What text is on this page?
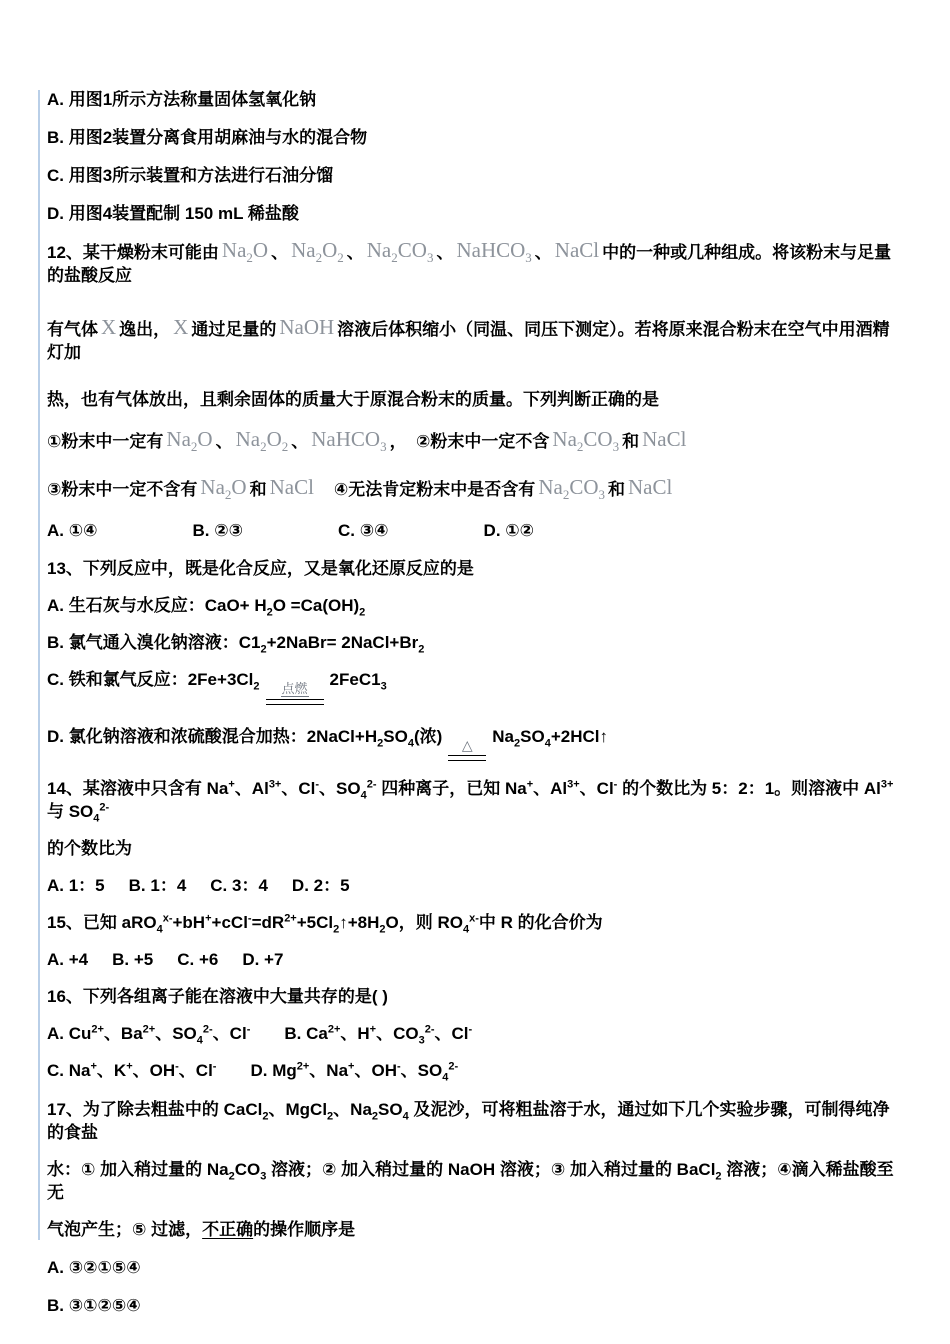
A. 用图1所示方法称量固体氢氧化钠

B. 用图2装置分离食用胡麻油与水的混合物

C. 用图3所示装置和方法进行石油分馏

D. 用图4装置配制 150 mL 稀盐酸

12、某干燥粉末可能由 $Na_2O$ 、 $Na_2O_2$ 、 $Na_2CO_3$ 、 NaHCO$_3$ 、 NaCl 中的一种或几种组成。将该粉末与足量的盐酸反应

有气体 X 逸出， X 通过足量的 NaOH 溶液后体积缩小（同温、同压下测定）。若将原来混合粉末在空气中用酒精灯加

热，也有气体放出，且剩余固体的质量大于原混合粉末的质量。下列判断正确的是

①粉末中一定有 $Na_2O$ 、 $Na_2O_2$ 、 NaHCO$_3$ ，  ②粉末中一定不含 $Na_2CO_3$ 和 NaCl

③粉末中一定不含有 $Na_2O$ 和 NaCl ④无法肯定粉末中是否含有 $Na_2CO_3$ 和 NaCl

A. ①④	B. ②③	C. ③④	D. ①②

13、下列反应中，既是化合反应，又是氧化还原反应的是

A. 生石灰与水反应：$CaO+ H_2O =Ca(OH)_2$

B. 氯气通入溴化钠溶液：$C1_2+2NaBr=$ $2NaCl+Br_2$

C. 铁和氯气反应：$2Fe+3Cl_2$ 点燃 $2FeC1_3$

D. 氯化钠溶液和浓硫酸混合加热：$2NaCl+H_2SO_4$(浓) △ $Na_2SO_4+2HCl↑$

14、某溶液中只含有 Na+、$Al^{3+}$、Cl-、$SO_4^{2-}$ 四种离子，已知 Na+、$Al^{3+}$、Cl- 的个数比为 5：2：1。则溶液中 $Al^{3+}$ 与 $SO_4^{2-}$

的个数比为

A. 1：5 B. 1：4 C. 3：4 D. 2：5

15、已知 $aRO_4^{x-}+bH^++cCl^-=dR^{2+}+5Cl_2↑+8H_2O$，则 $RO_4^{x-}$中 R 的化合价为

A. +4 B. +5 C. +6 D. +7

16、下列各组离子能在溶液中大量共存的是( )

A. $Cu^{2+}$、$Ba^{2+}$、$SO_4^{2-}$、Cl- B. $Ca^{2+}$、H+、$CO_3^{2-}$、Cl-

C. Na+、K+、OH-、Cl- D. $Mg^{2+}$、Na+、OH-、$SO_4^{2-}$

17、为了除去粗盐中的 CaCl$_2$、MgCl$_2$、$Na_2SO_4$ 及泥沙，可将粗盐溶于水，通过如下几个实验步骤，可制得纯净的食盐

水：① 加入稍过量的 $Na_2CO_3$ 溶液；② 加入稍过量的 NaOH 溶液；③ 加入稍过量的 BaCl$_2$ 溶液；④滴入稀盐酸至无

气泡产生；⑤ 过滤，不正确的操作顺序是

A. ③②①⑤④

B. ③①②⑤④
